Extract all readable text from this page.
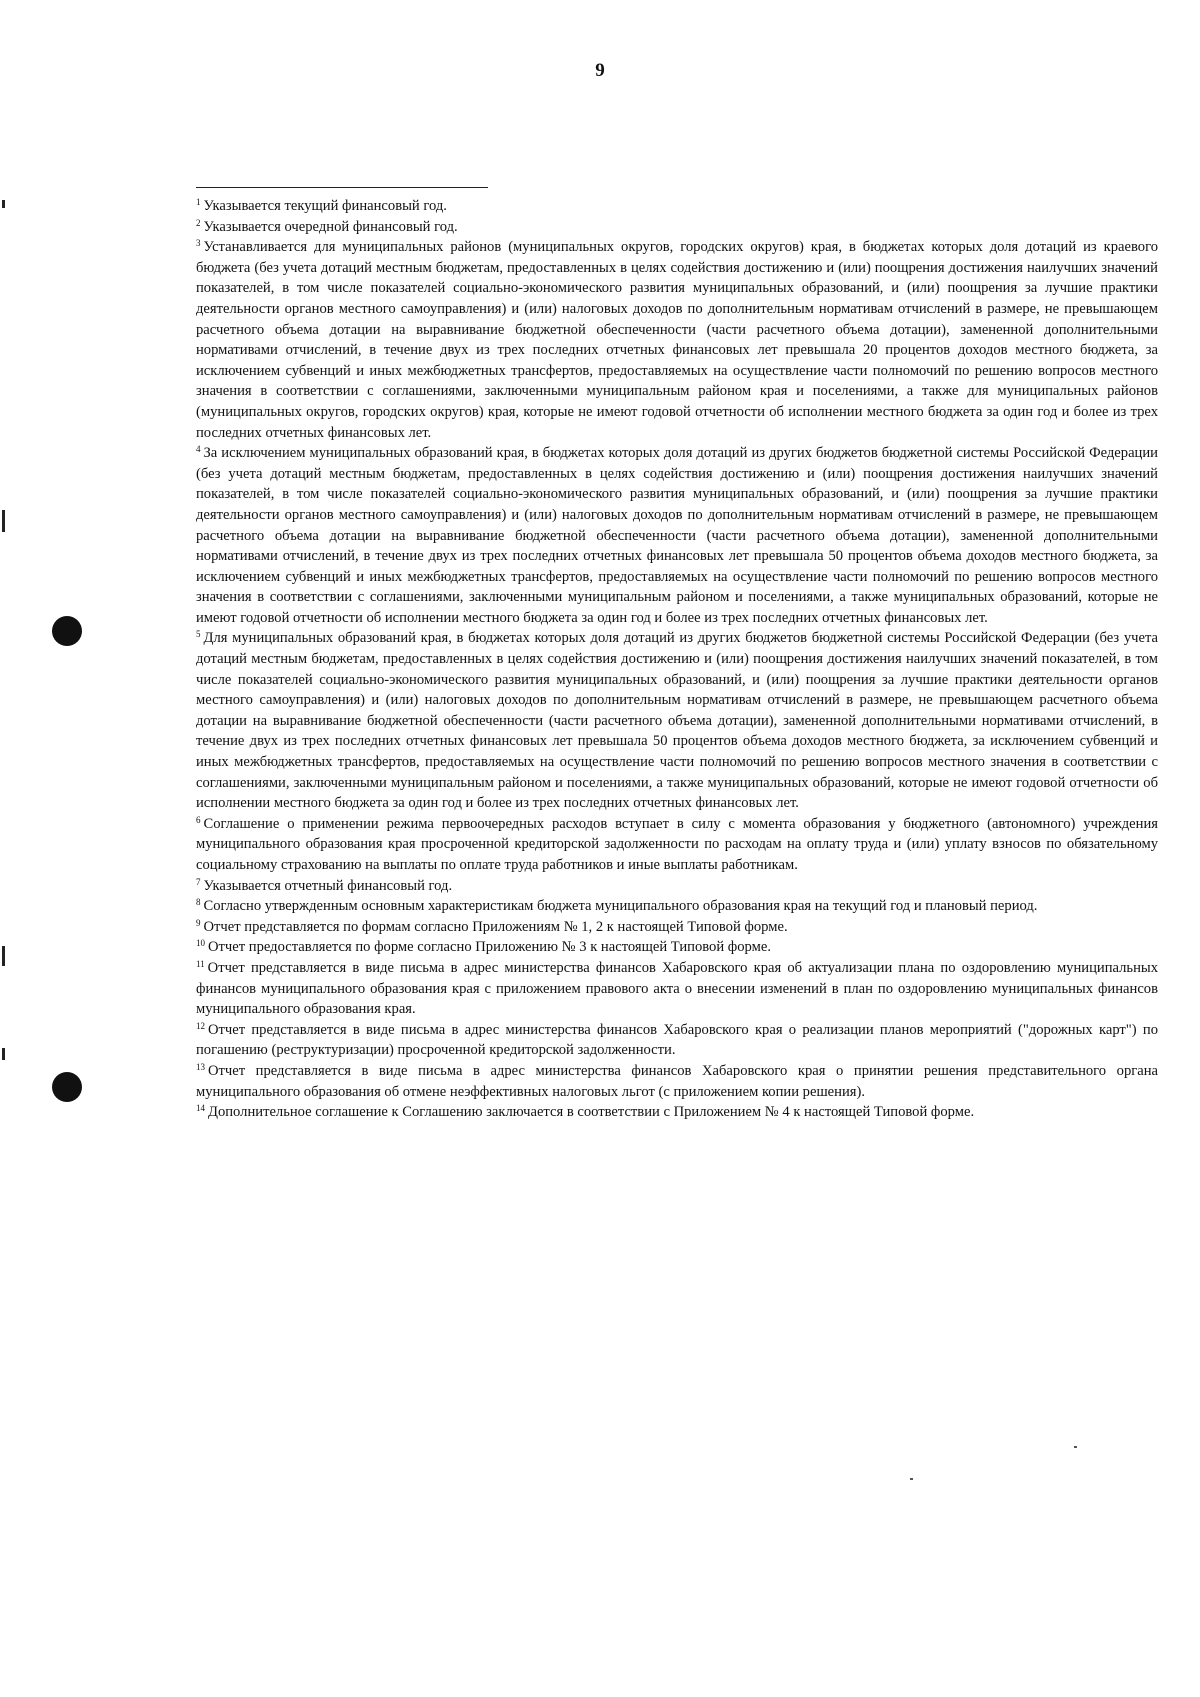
9

$^1$ Указывается текущий финансовый год.

$^2$ Указывается очередной финансовый год.

$^3$ Устанавливается для муниципальных районов (муниципальных округов, городских округов) края, в бюджетах которых доля дотаций из краевого бюджета (без учета дотаций местным бюджетам, предоставленных в целях содействия достижению и (или) поощрения достижения наилучших значений показателей, в том числе показателей социально-экономического развития муниципальных образований, и (или) поощрения за лучшие практики деятельности органов местного самоуправления) и (или) налоговых доходов по дополнительным нормативам отчислений в размере, не превышающем расчетного объема дотации на выравнивание бюджетной обеспеченности (части расчетного объема дотации), замененной дополнительными нормативами отчислений, в течение двух из трех последних отчетных финансовых лет превышала 20 процентов доходов местного бюджета, за исключением субвенций и иных межбюджетных трансфертов, предоставляемых на осуществление части полномочий по решению вопросов местного значения в соответствии с соглашениями, заключенными муниципальным районом края и поселениями, а также для муниципальных районов (муниципальных округов, городских округов) края, которые не имеют годовой отчетности об исполнении местного бюджета за один год и более из трех последних отчетных финансовых лет.

$^4$ За исключением муниципальных образований края, в бюджетах которых доля дотаций из других бюджетов бюджетной системы Российской Федерации (без учета дотаций местным бюджетам, предоставленных в целях содействия достижению и (или) поощрения достижения наилучших значений показателей, в том числе показателей социально-экономического развития муниципальных образований, и (или) поощрения за лучшие практики деятельности органов местного самоуправления) и (или) налоговых доходов по дополнительным нормативам отчислений в размере, не превышающем расчетного объема дотации на выравнивание бюджетной обеспеченности (части расчетного объема дотации), замененной дополнительными нормативами отчислений, в течение двух из трех последних отчетных финансовых лет превышала 50 процентов объема доходов местного бюджета, за исключением субвенций и иных межбюджетных трансфертов, предоставляемых на осуществление части полномочий по решению вопросов местного значения в соответствии с соглашениями, заключенными муниципальным районом и поселениями, а также муниципальных образований, которые не имеют годовой отчетности об исполнении местного бюджета за один год и более из трех последних отчетных финансовых лет.

$^5$ Для муниципальных образований края, в бюджетах которых доля дотаций из других бюджетов бюджетной системы Российской Федерации (без учета дотаций местным бюджетам, предоставленных в целях содействия достижению и (или) поощрения достижения наилучших значений показателей, в том числе показателей социально-экономического развития муниципальных образований, и (или) поощрения за лучшие практики деятельности органов местного самоуправления) и (или) налоговых доходов по дополнительным нормативам отчислений в размере, не превышающем расчетного объема дотации на выравнивание бюджетной обеспеченности (части расчетного объема дотации), замененной дополнительными нормативами отчислений, в течение двух из трех последних отчетных финансовых лет превышала 50 процентов объема доходов местного бюджета, за исключением субвенций и иных межбюджетных трансфертов, предоставляемых на осуществление части полномочий по решению вопросов местного значения в соответствии с соглашениями, заключенными муниципальным районом и поселениями, а также муниципальных образований, которые не имеют годовой отчетности об исполнении местного бюджета за один год и более из трех последних отчетных финансовых лет.

$^6$ Соглашение о применении режима первоочередных расходов вступает в силу с момента образования у бюджетного (автономного) учреждения муниципального образования края просроченной кредиторской задолженности по расходам на оплату труда и (или) уплату взносов по обязательному социальному страхованию на выплаты по оплате труда работников и иные выплаты работникам.

$^7$ Указывается отчетный финансовый год.

$^8$ Согласно утвержденным основным характеристикам бюджета муниципального образования края на текущий год и плановый период.

$^9$ Отчет представляется по формам согласно Приложениям № 1, 2 к настоящей Типовой форме.

$^{10}$ Отчет предоставляется по форме согласно Приложению № 3 к настоящей Типовой форме.

$^{11}$ Отчет представляется в виде письма в адрес министерства финансов Хабаровского края об актуализации плана по оздоровлению муниципальных финансов муниципального образования края с приложением правового акта о внесении изменений в план по оздоровлению муниципальных финансов муниципального образования края.

$^{12}$ Отчет представляется в виде письма в адрес министерства финансов Хабаровского края о реализации планов мероприятий ("дорожных карт") по погашению (реструктуризации) просроченной кредиторской задолженности.

$^{13}$ Отчет представляется в виде письма в адрес министерства финансов Хабаровского края о принятии решения представительного органа муниципального образования об отмене неэффективных налоговых льгот (с приложением копии решения).

$^{14}$ Дополнительное соглашение к Соглашению заключается в соответствии с Приложением № 4 к настоящей Типовой форме.
